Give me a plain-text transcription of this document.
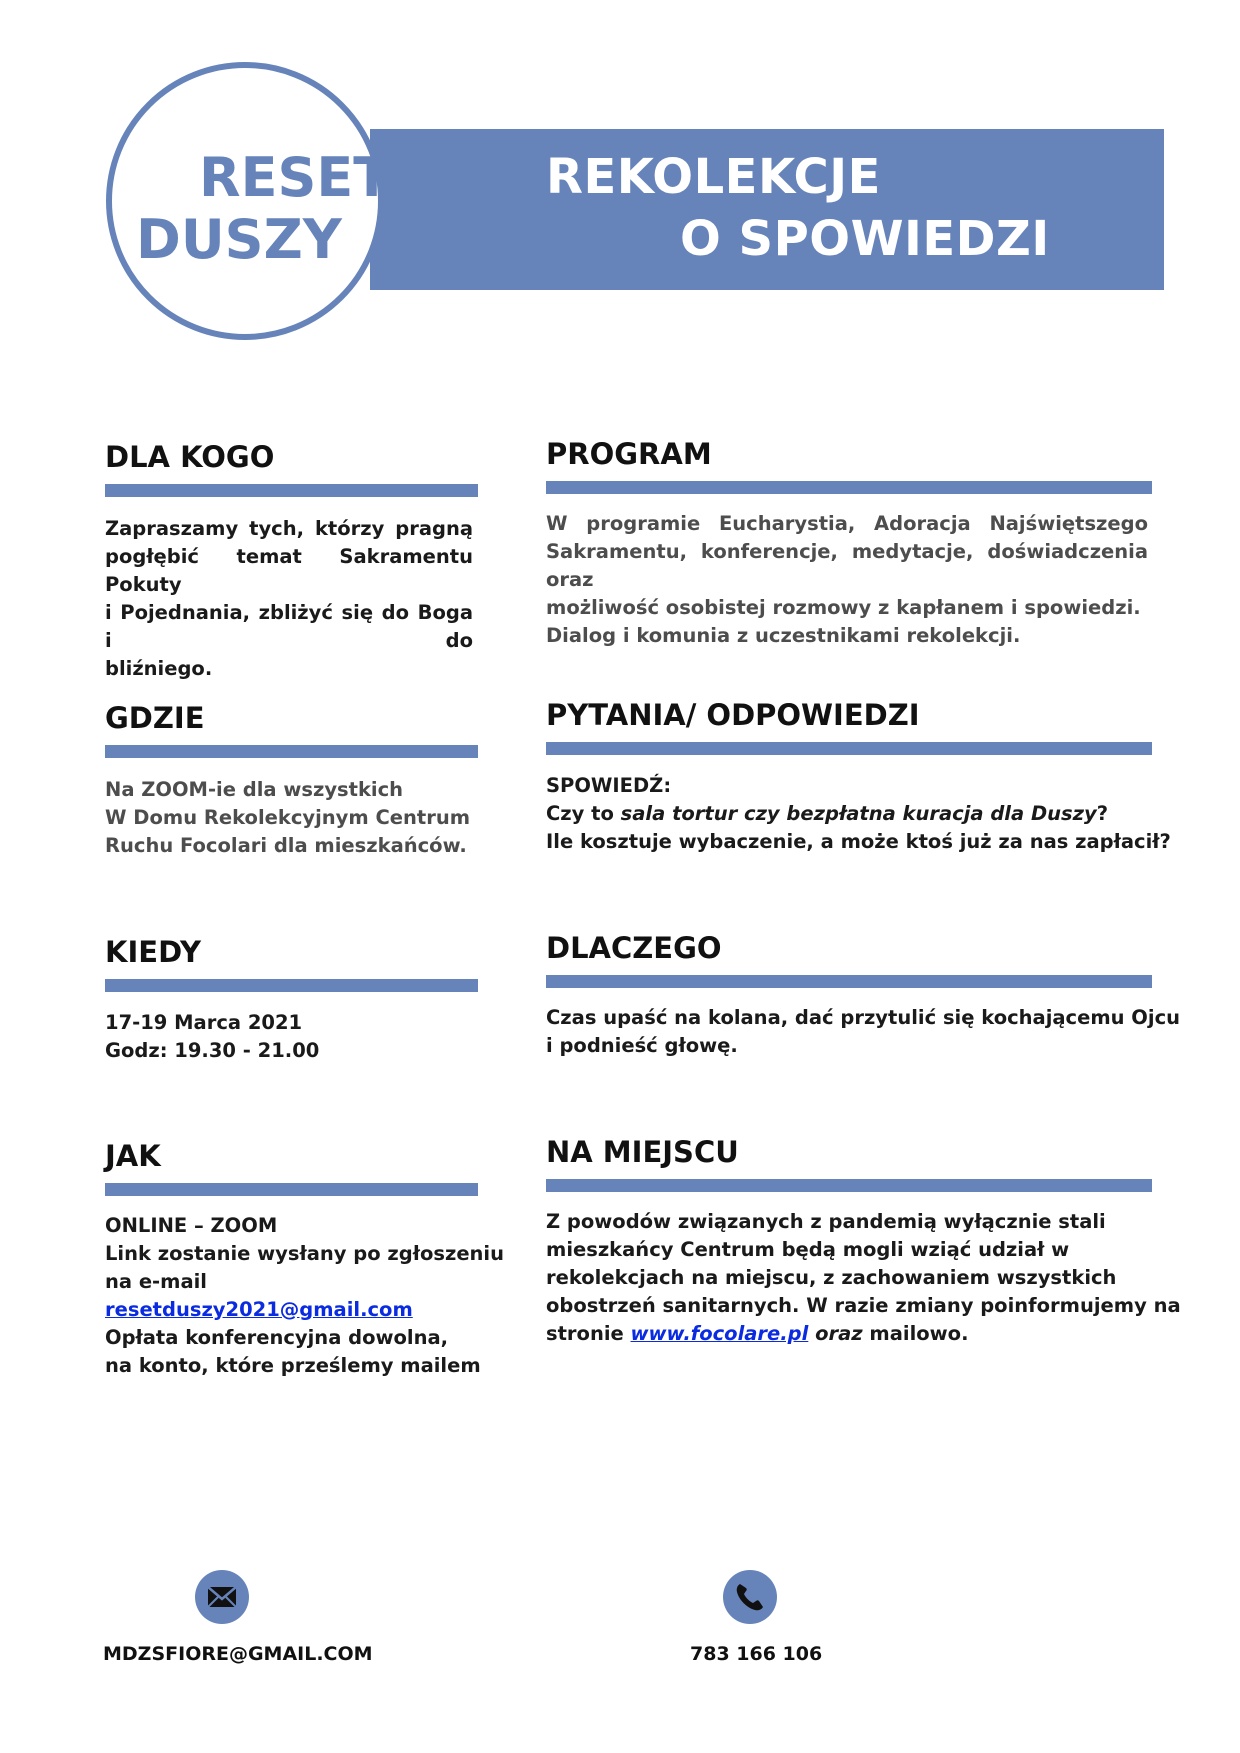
REKOLEKCJE
O SPOWIEDZI
RESET
DUSZY
DLA KOGO
Zapraszamy tych, którzy pragną
pogłębić temat Sakramentu Pokuty
i Pojednania, zbliżyć się do Boga i do
bliźniego.
PROGRAM
W programie Eucharystia, Adoracja Najświętszego
Sakramentu, konferencje, medytacje, doświadczenia oraz
możliwość osobistej rozmowy z kapłanem i spowiedzi.
Dialog i komunia z uczestnikami rekolekcji.
GDZIE
Na ZOOM-ie dla wszystkich
W Domu Rekolekcyjnym Centrum
Ruchu Focolari dla mieszkańców.
PYTANIA/ ODPOWIEDZI
SPOWIEDŹ:
Czy to sala tortur czy bezpłatna kuracja dla Duszy?
Ile kosztuje wybaczenie, a może ktoś już za nas zapłacił?
KIEDY
17-19 Marca 2021
Godz: 19.30 - 21.00
DLACZEGO
Czas upaść na kolana, dać przytulić się kochającemu Ojcu
i podnieść głowę.
JAK
ONLINE – ZOOM
Link zostanie wysłany po zgłoszeniu
na e-mail
resetduszy2021@gmail.com
Opłata konferencyjna dowolna,
na konto, które prześlemy mailem
NA MIEJSCU
Z powodów związanych z pandemią wyłącznie stali
mieszkańcy Centrum będą mogli wziąć udział w
rekolekcjach na miejscu, z zachowaniem wszystkich
obostrzeń sanitarnych. W razie zmiany poinformujemy na
stronie www.focolare.pl oraz mailowo.
MDZSFIORE@GMAIL.COM	783 166 106
